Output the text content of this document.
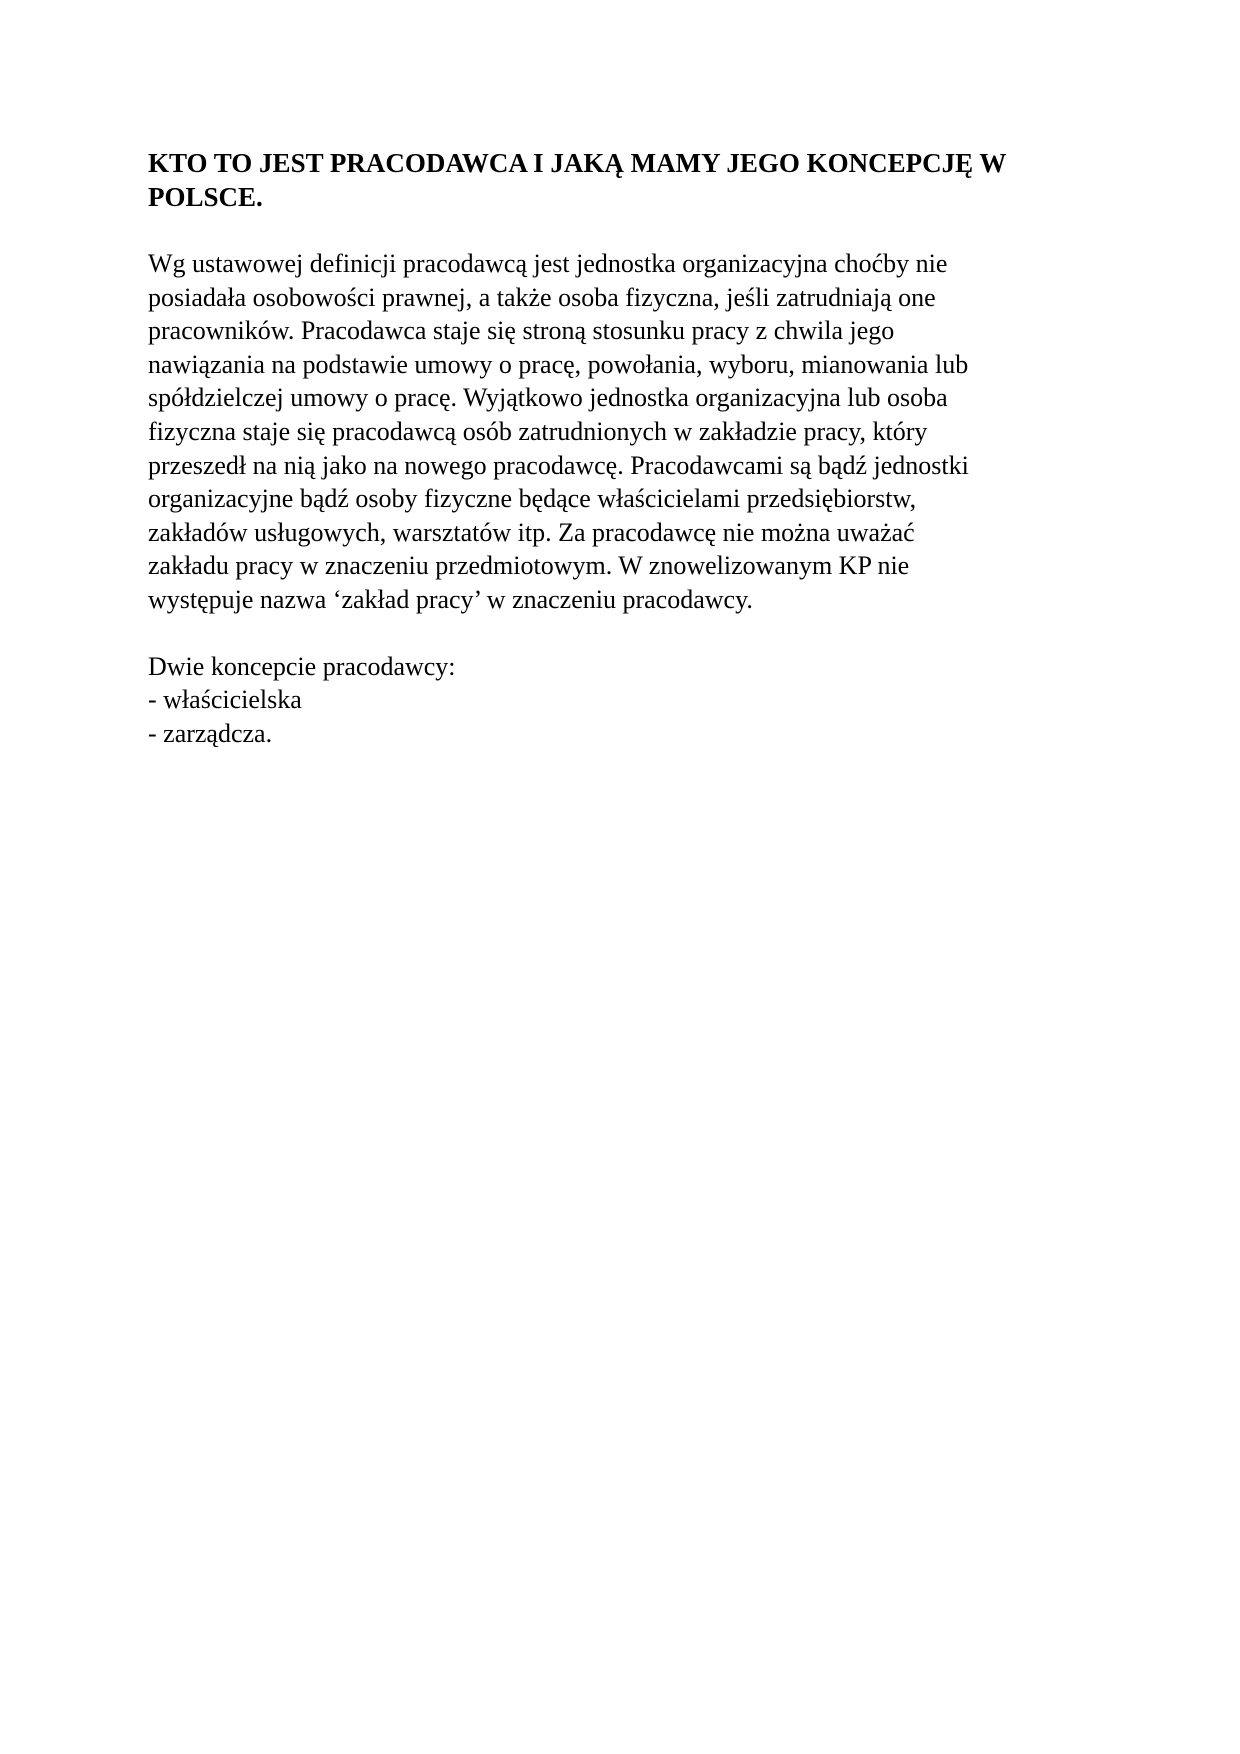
KTO TO JEST PRACODAWCA I JAKĄ MAMY JEGO KONCEPCJĘ W
POLSCE.
Wg ustawowej definicji pracodawcą jest jednostka organizacyjna choćby nie
posiadała osobowości prawnej, a także osoba fizyczna, jeśli zatrudniają one
pracowników. Pracodawca staje się stroną stosunku pracy z chwila jego
nawiązania na podstawie umowy o pracę, powołania, wyboru, mianowania lub
spółdzielczej umowy o pracę. Wyjątkowo jednostka organizacyjna lub osoba
fizyczna staje się pracodawcą osób zatrudnionych w zakładzie pracy, który
przeszedł na nią jako na nowego pracodawcę. Pracodawcami są bądź jednostki
organizacyjne bądź osoby fizyczne będące właścicielami przedsiębiorstw,
zakładów usługowych, warsztatów itp. Za pracodawcę nie można uważać
zakładu pracy w znaczeniu przedmiotowym. W znowelizowanym KP nie
występuje nazwa ‘zakład pracy’ w znaczeniu pracodawcy.
Dwie koncepcie pracodawcy:
- właścicielska
- zarządcza.
